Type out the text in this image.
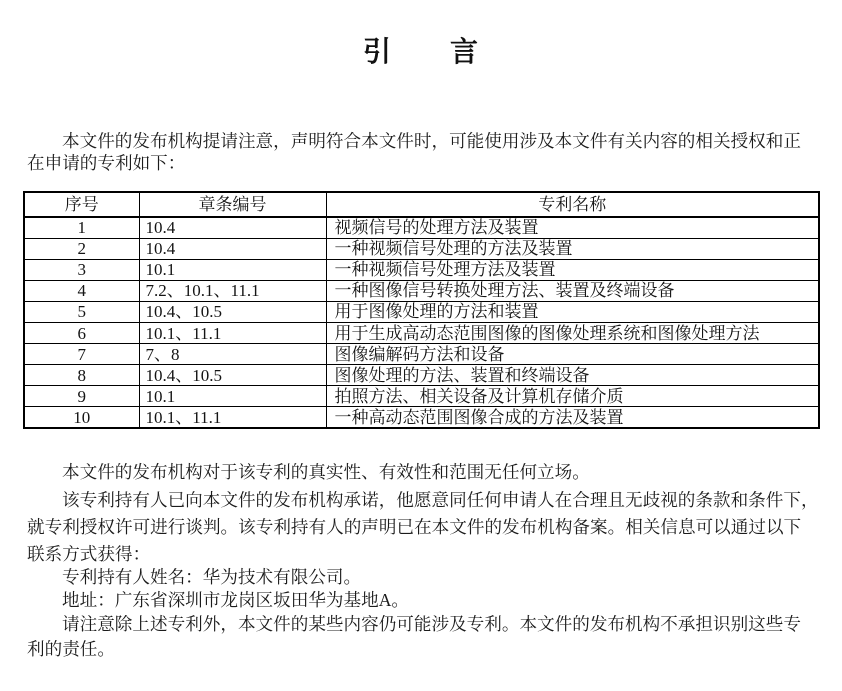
引　　言
本文件的发布机构提请注意，声明符合本文件时，可能使用涉及本文件有关内容的相关授权和正
在申请的专利如下：
序号	章条编号	专利名称
1	10.4	视频信号的处理方法及装置
2	10.4	一种视频信号处理的方法及装置
3	10.1	一种视频信号处理方法及装置
4	7.2、10.1、11.1	一种图像信号转换处理方法、装置及终端设备
5	10.4、10.5	用于图像处理的方法和装置
6	10.1、11.1	用于生成高动态范围图像的图像处理系统和图像处理方法
7	7、8	图像编解码方法和设备
8	10.4、10.5	图像处理的方法、装置和终端设备
9	10.1	拍照方法、相关设备及计算机存储介质
10	10.1、11.1	一种高动态范围图像合成的方法及装置
本文件的发布机构对于该专利的真实性、有效性和范围无任何立场。
该专利持有人已向本文件的发布机构承诺，他愿意同任何申请人在合理且无歧视的条款和条件下，
就专利授权许可进行谈判。该专利持有人的声明已在本文件的发布机构备案。相关信息可以通过以下
联系方式获得：
专利持有人姓名：华为技术有限公司。
地址：广东省深圳市龙岗区坂田华为基地A。
请注意除上述专利外，本文件的某些内容仍可能涉及专利。本文件的发布机构不承担识别这些专
利的责任。
